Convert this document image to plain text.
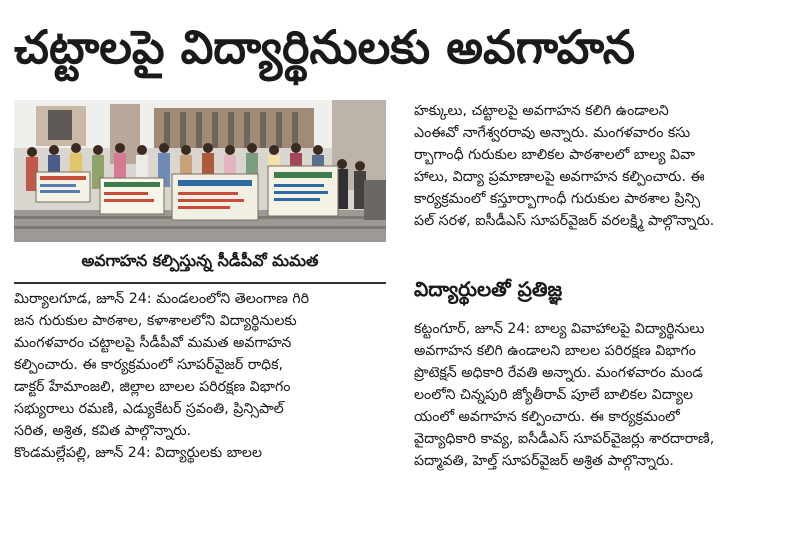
చట్టాలపై విద్యార్థినులకు అవగాహన
అవగాహన కల్పిస్తున్న సీడీపీవో మమత
మిర్యాలగూడ, జూన్ 24: మండలంలోని తెలంగాణ గిరి
జన గురుకుల పాఠశాల, కళాశాలలోని విద్యార్థినులకు
మంగళవారం చట్టాలపై సీడీపీవో మమత అవగాహన
కల్పించారు. ఈ కార్యక్రమంలో సూపర్‌వైజర్ రాధిక,
డాక్టర్ హేమాంజలి, జిల్లాల బాలల పరిరక్షణ విభాగం
సభ్యురాలు రమణి, ఎడ్యుకేటర్ స్రవంతి, ప్రిన్సిపాల్
సరిత, అశ్రిత, కవిత పాల్గొన్నారు.
కొండమల్లేపల్లి, జూన్ 24: విద్యార్థులకు బాలల
హక్కులు, చట్టాలపై అవగాహన కలిగి ఉండాలని
ఎంఈవో నాగేశ్వరరావు అన్నారు. మంగళవారం కసు
ర్బాగాంధీ గురుకుల బాలికల పాఠశాలలో బాల్య వివా
హాలు, విద్యా ప్రమాణాలపై అవగాహన కల్పించారు. ఈ
కార్యక్రమంలో కస్తూర్బాగాంధీ గురుకుల పాఠశాల ప్రిన్సి
పల్ సరళ, ఐసీడీఎస్ సూపర్‌వైజర్ వరలక్ష్మి పాల్గొన్నారు.
విద్యార్థులతో ప్రతిజ్ఞ
కట్టంగూర్, జూన్ 24: బాల్య వివాహాలపై విద్యార్థినులు
అవగాహన కలిగి ఉండాలని బాలల పరిరక్షణ విభాగం
ప్రొటెక్షన్ అధికారి రేవతి అన్నారు. మంగళవారం మండ
లంలోని చిన్నపురి జ్యోతీరావ్ పూలే బాలికల విద్యాల
యంలో అవగాహన కల్పించారు. ఈ కార్యక్రమంలో
వైద్యాధికారి కావ్య, ఐసీడీఎస్ సూపర్‌వైజర్లు శారదారాణి,
పద్మావతి, హెల్త్ సూపర్‌వైజర్ అశ్రిత పాల్గొన్నారు.
